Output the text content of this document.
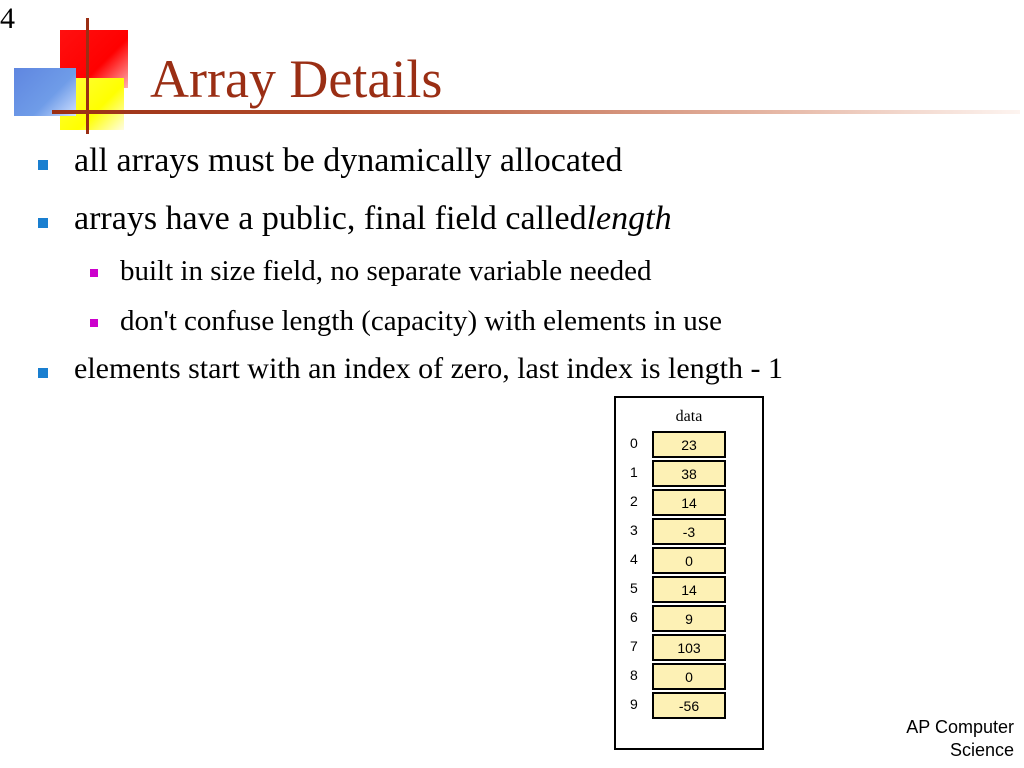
4
Array Details
all arrays must be dynamically allocated
arrays have a public, final field called length
built in size field, no separate variable needed
don't confuse length (capacity) with elements in use
elements start with an index of zero, last index is length - 1
data
0	23
1	38
2	14
3	-3
4	0
5	14
6	9
7	103
8	0
9	-56
AP Computer
Science
